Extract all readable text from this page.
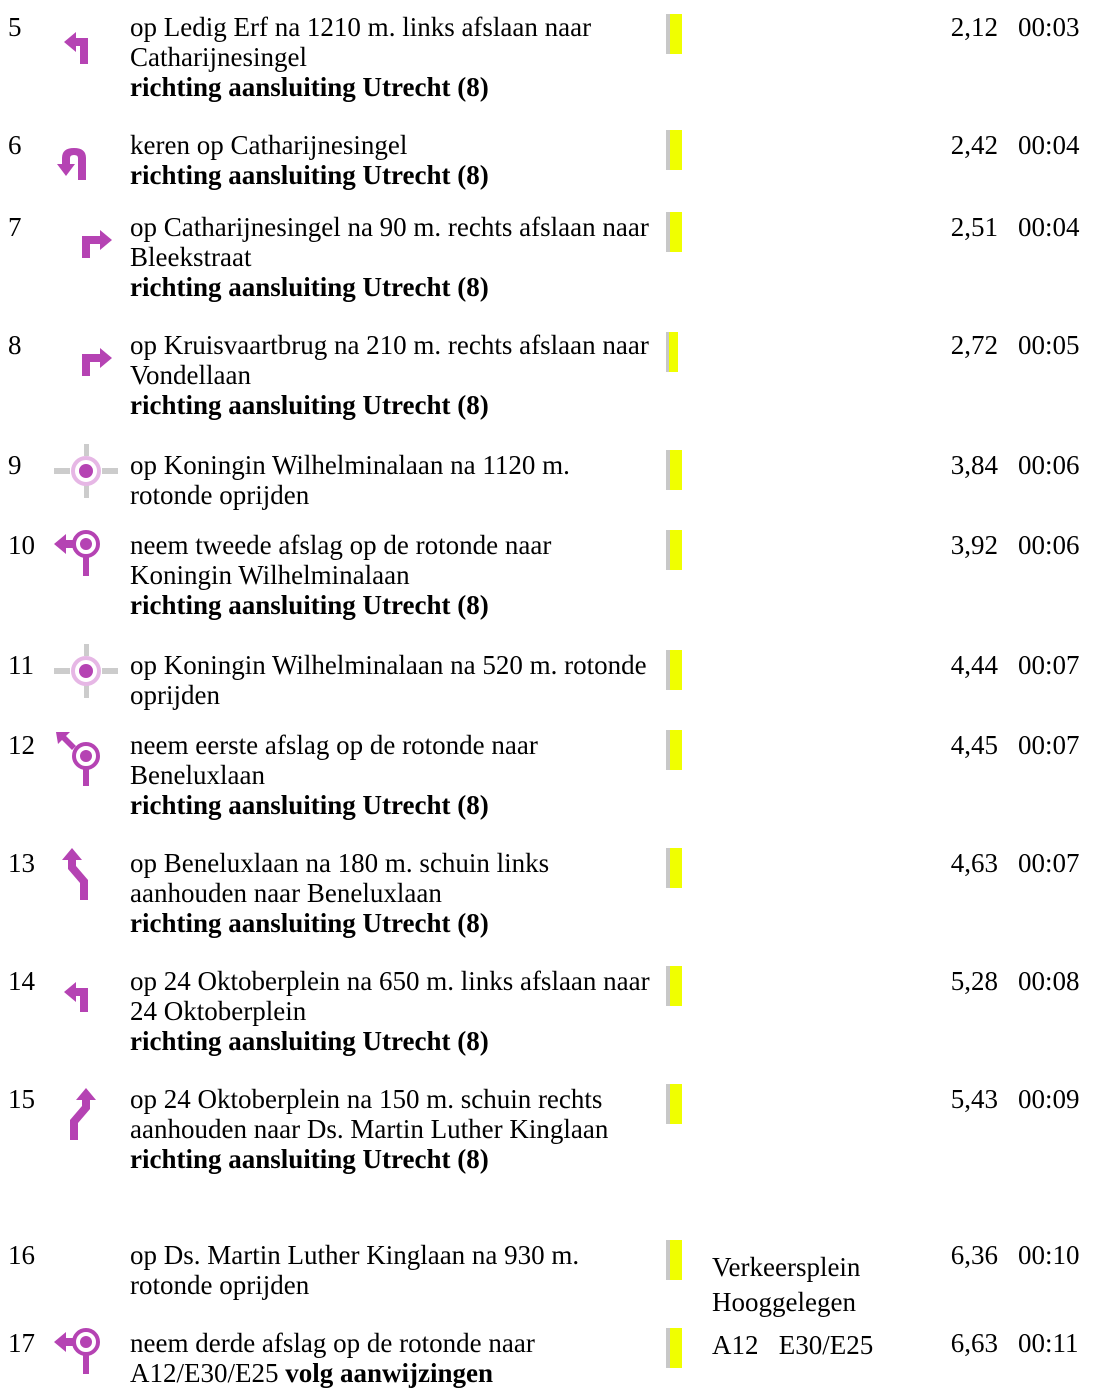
5	op Ledig Erf na 1210 m. links afslaan naar Catharijnesingel
richting aansluiting Utrecht (8)
2,12 00:03
6	keren op Catharijnesingel
richting aansluiting Utrecht (8)
2,42 00:04
7	op Catharijnesingel na 90 m. rechts afslaan naar Bleekstraat
richting aansluiting Utrecht (8)
2,51 00:04
8	op Kruisvaartbrug na 210 m. rechts afslaan naar Vondellaan
richting aansluiting Utrecht (8)
2,72 00:05
9	op Koningin Wilhelminalaan na 1120 m. rotonde oprijden
3,84 00:06
10	neem tweede afslag op de rotonde naar Koningin Wilhelminalaan
richting aansluiting Utrecht (8)
3,92 00:06
11	op Koningin Wilhelminalaan na 520 m. rotonde oprijden
4,44 00:07
12	neem eerste afslag op de rotonde naar Beneluxlaan
richting aansluiting Utrecht (8)
4,45 00:07
13	op Beneluxlaan na 180 m. schuin links aanhouden naar Beneluxlaan
richting aansluiting Utrecht (8)
4,63 00:07
14	op 24 Oktoberplein na 650 m. links afslaan naar 24 Oktoberplein
richting aansluiting Utrecht (8)
5,28 00:08
15	op 24 Oktoberplein na 150 m. schuin rechts aanhouden naar Ds. Martin Luther Kinglaan
richting aansluiting Utrecht (8)
5,43 00:09
16	op Ds. Martin Luther Kinglaan na 930 m. rotonde oprijden
Verkeersplein Hooggelegen
6,36 00:10
17	neem derde afslag op de rotonde naar A12/E30/E25 volg aanwijzingen
A12   E30/E25	6,63 00:11
